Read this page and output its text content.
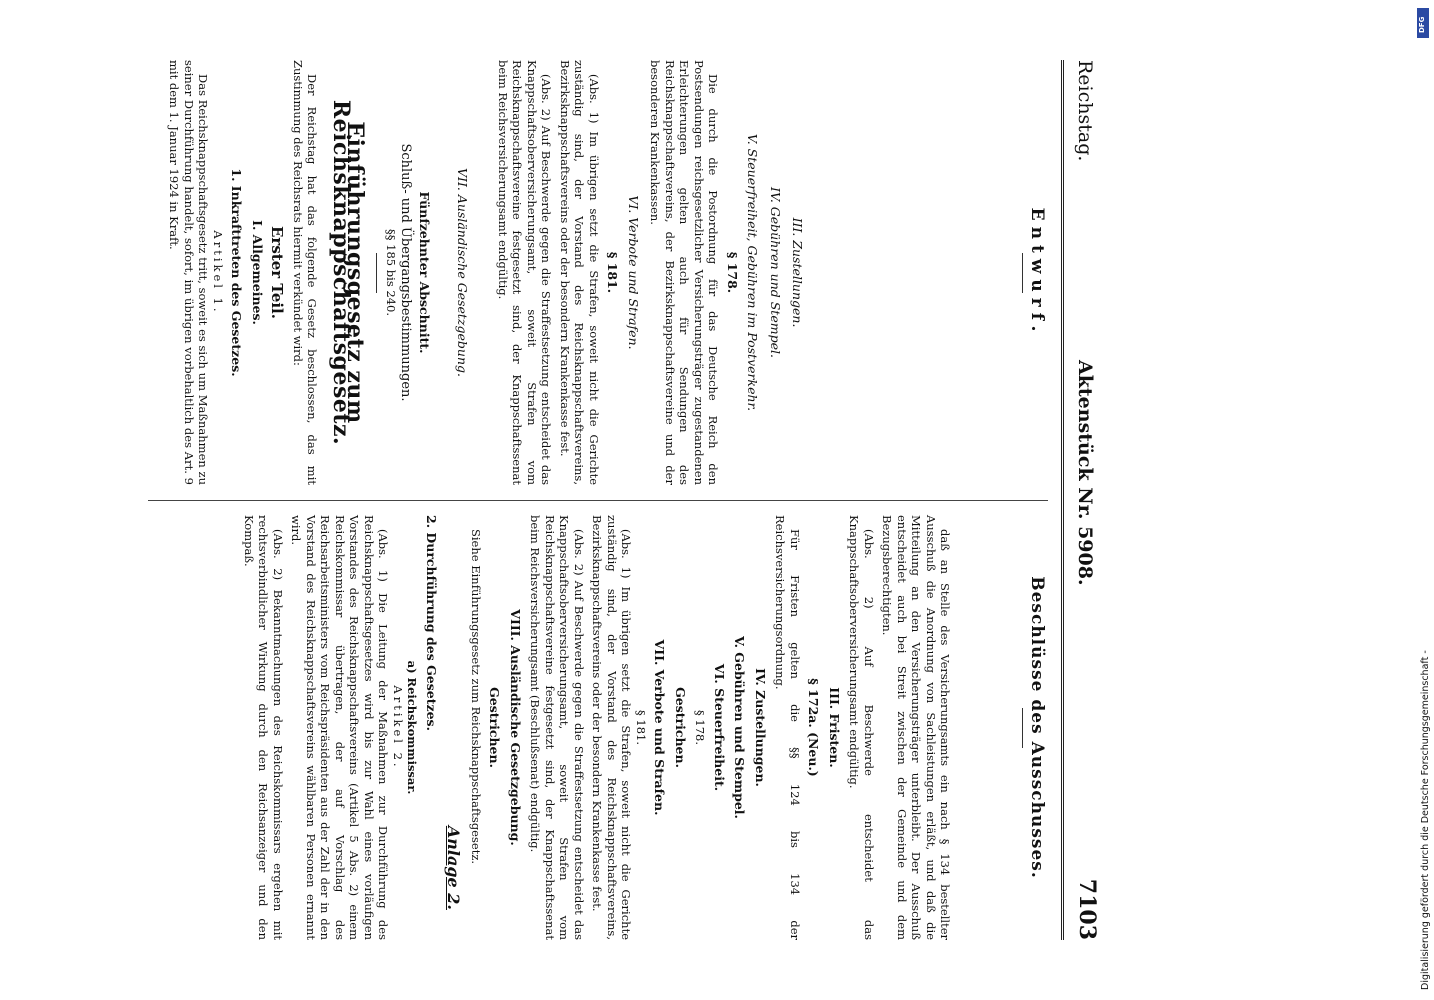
Reichstag.
Aktenstück Nr. 5908.
7103
Entwurf.
III. Zustellungen.
IV. Gebühren und Stempel.
V. Steuerfreiheit, Gebühren im Postverkehr.
§ 178.

Die durch die Postordnung für das Deutsche Reich den Postsendungen reichsgesetzlicher Versicherungsträger zugestandenen Erleichterungen gelten auch für Sendungen des Reichsknappschaftsvereins, der Bezirksknappschaftsvereine und der besonderen Krankenkassen.

VI. Verbote und Strafen.
§ 181.

(Abs. 1) Im übrigen setzt die Strafen, soweit nicht die Gerichte zuständig sind, der Vorstand des Reichsknappschaftsvereins, Bezirksknappschaftsvereins oder der besondern Krankenkasse fest.

(Abs. 2) Auf Beschwerde gegen die Straffestsetzung entscheidet das Knappschaftsoberversicherungsamt, soweit Strafen vom Reichsknappschaftsvereine festgesetzt sind, der Knappschaftssenat beim Reichsversicherungsamt endgültig.

VII. Ausländische Gesetzgebung.
Fünfzehnter Abschnitt.
Schluß- und Übergangsbestimmungen.
§§ 185 bis 240.
Einführungsgesetz zum Reichsknappschaftsgesetz.

Der Reichstag hat das folgende Gesetz beschlossen, das mit Zustimmung des Reichsrats hiermit verkündet wird:

Erster Teil.
I. Allgemeines.
1. Inkrafttreten des Gesetzes.
Artikel 1.

Das Reichsknappschaftsgesetz tritt, soweit es sich um Maßnahmen zu seiner Durchführung handelt, sofort, im übrigen vorbehaltlich des Art. 9 mit dem 1. Januar 1924 in Kraft.

Beschlüsse des Ausschusses.

daß an Stelle des Versicherungsamts ein nach § 134 bestellter Ausschuß die Anordnung von Sachleistungen erläßt, und daß die Mitteilung an den Versicherungsträger unterbleibt. Der Ausschuß entscheidet auch bei Streit zwischen der Gemeinde und dem Bezugsberechtigten.

(Abs. 2) Auf Beschwerde entscheidet das Knappschaftsoberversicherungsamt endgültig.

III. Fristen.
§ 172a. (Neu.)

Für Fristen gelten die §§ 124 bis 134 der Reichsversicherungsordnung.

IV. Zustellungen.
V. Gebühren und Stempel.
VI. Steuerfreiheit.
§ 178.
Gestrichen.
VII. Verbote und Strafen.
§ 181.

(Abs. 1) Im übrigen setzt die Strafen, soweit nicht die Gerichte zuständig sind, der Vorstand des Reichsknappschaftsvereins, Bezirksknappschaftsvereins oder der besondern Krankenkasse fest.

(Abs. 2) Auf Beschwerde gegen die Straffestsetzung entscheidet das Knappschaftsoberversicherungsamt, soweit Strafen vom Reichsknappschaftsvereine festgesetzt sind, der Knappschaftssenat beim Reichsversicherungsamt (Beschlußsenat) endgültig.

VIII. Ausländische Gesetzgebung.
Gestrichen.

Siehe Einführungsgesetz zum Reichsknappschaftsgesetz.

Anlage 2.
2. Durchführung des Gesetzes.
a) Reichskommissar.
Artikel 2.

(Abs. 1) Die Leitung der Maßnahmen zur Durchführung des Reichsknappschaftsgesetzes wird bis zur Wahl eines vorläufigen Vorstandes des Reichsknappschaftsvereins (Artikel 5 Abs. 2) einem Reichskommissar übertragen, der auf Vorschlag des Reichsarbeitsministers vom Reichspräsidenten aus der Zahl der in den Vorstand des Reichsknappschaftsvereins wählbaren Personen ernannt wird.

(Abs. 2) Bekanntmachungen des Reichskommissars ergehen mit rechtsverbindlicher Wirkung durch den Reichsanzeiger und den Kompaß.

Digitalisierung gefördert durch die Deutsche Forschungsgemeinschaft -
DFG
